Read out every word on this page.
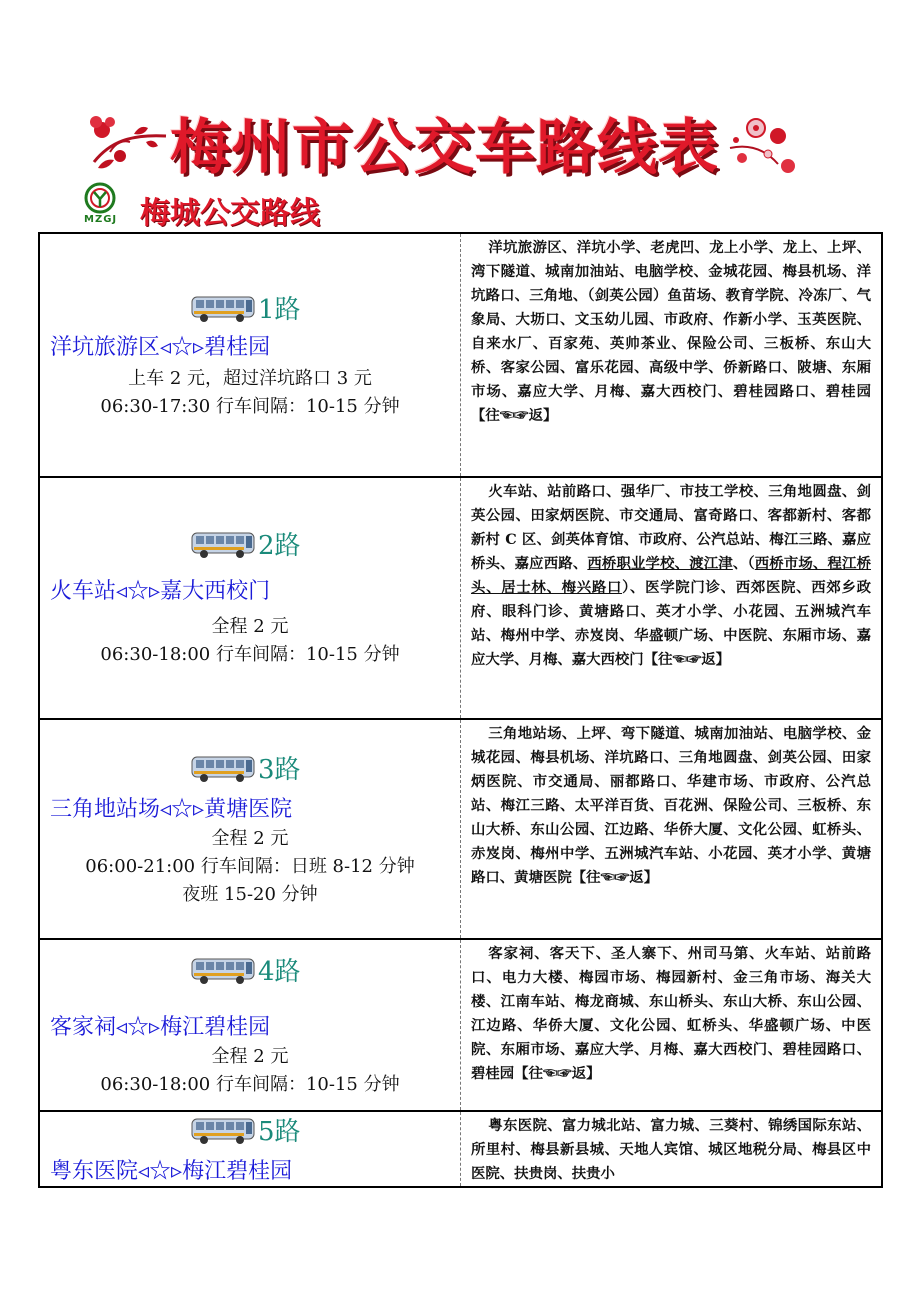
梅州市公交车路线表
MZGJ 梅城公交路线
1路
洋坑旅游区◃☆▹碧桂园
上车 2 元，超过洋坑路口 3 元
06:30-17:30 行车间隔：10-15 分钟
洋坑旅游区、洋坑小学、老虎凹、龙上小学、龙上、上坪、湾下隧道、城南加油站、电脑学校、金城花园、梅县机场、洋坑路口、三角地、（剑英公园）鱼苗场、教育学院、冷冻厂、气象局、大坜口、文玉幼儿园、市政府、作新小学、玉英医院、自来水厂、百家苑、英帅茶业、保险公司、三板桥、东山大桥、客家公园、富乐花园、高级中学、侨新路口、陂塘、东厢市场、嘉应大学、月梅、嘉大西校门、碧桂园路口、碧桂园【往☜☞返】
2路
火车站◃☆▹嘉大西校门
全程 2 元
06:30-18:00 行车间隔：10-15 分钟
火车站、站前路口、强华厂、市技工学校、三角地圆盘、剑英公园、田家炳医院、市交通局、富奇路口、客都新村、客都新村 C 区、剑英体育馆、市政府、公汽总站、梅江三路、嘉应桥头、嘉应西路、西桥职业学校、渡江津、（西桥市场、程江桥头、居士林、梅兴路口）、医学院门诊、西郊医院、西郊乡政府、眼科门诊、黄塘路口、英才小学、小花园、五洲城汽车站、梅州中学、赤岌岗、华盛顿广场、中医院、东厢市场、嘉应大学、月梅、嘉大西校门【往☜☞返】
3路
三角地站场◃☆▹黄塘医院
全程 2 元
06:00-21:00 行车间隔：日班 8-12 分钟
夜班 15-20 分钟
三角地站场、上坪、弯下隧道、城南加油站、电脑学校、金城花园、梅县机场、洋坑路口、三角地圆盘、剑英公园、田家炳医院、市交通局、丽都路口、华建市场、市政府、公汽总站、梅江三路、太平洋百货、百花洲、保险公司、三板桥、东山大桥、东山公园、江边路、华侨大厦、文化公园、虹桥头、赤岌岗、梅州中学、五洲城汽车站、小花园、英才小学、黄塘路口、黄塘医院【往☜☞返】
4路
客家祠◃☆▹梅江碧桂园
全程 2 元
06:30-18:00 行车间隔：10-15 分钟
客家祠、客天下、圣人寨下、州司马第、火车站、站前路口、电力大楼、梅园市场、梅园新村、金三角市场、海关大楼、江南车站、梅龙商城、东山桥头、东山大桥、东山公园、江边路、华侨大厦、文化公园、虹桥头、华盛顿广场、中医院、东厢市场、嘉应大学、月梅、嘉大西校门、碧桂园路口、碧桂园【往☜☞返】
5路
粤东医院◃☆▹梅江碧桂园
粤东医院、富力城北站、富力城、三葵村、锦绣国际东站、所里村、梅县新县城、天地人宾馆、城区地税分局、梅县区中医院、扶贵岗、扶贵小
